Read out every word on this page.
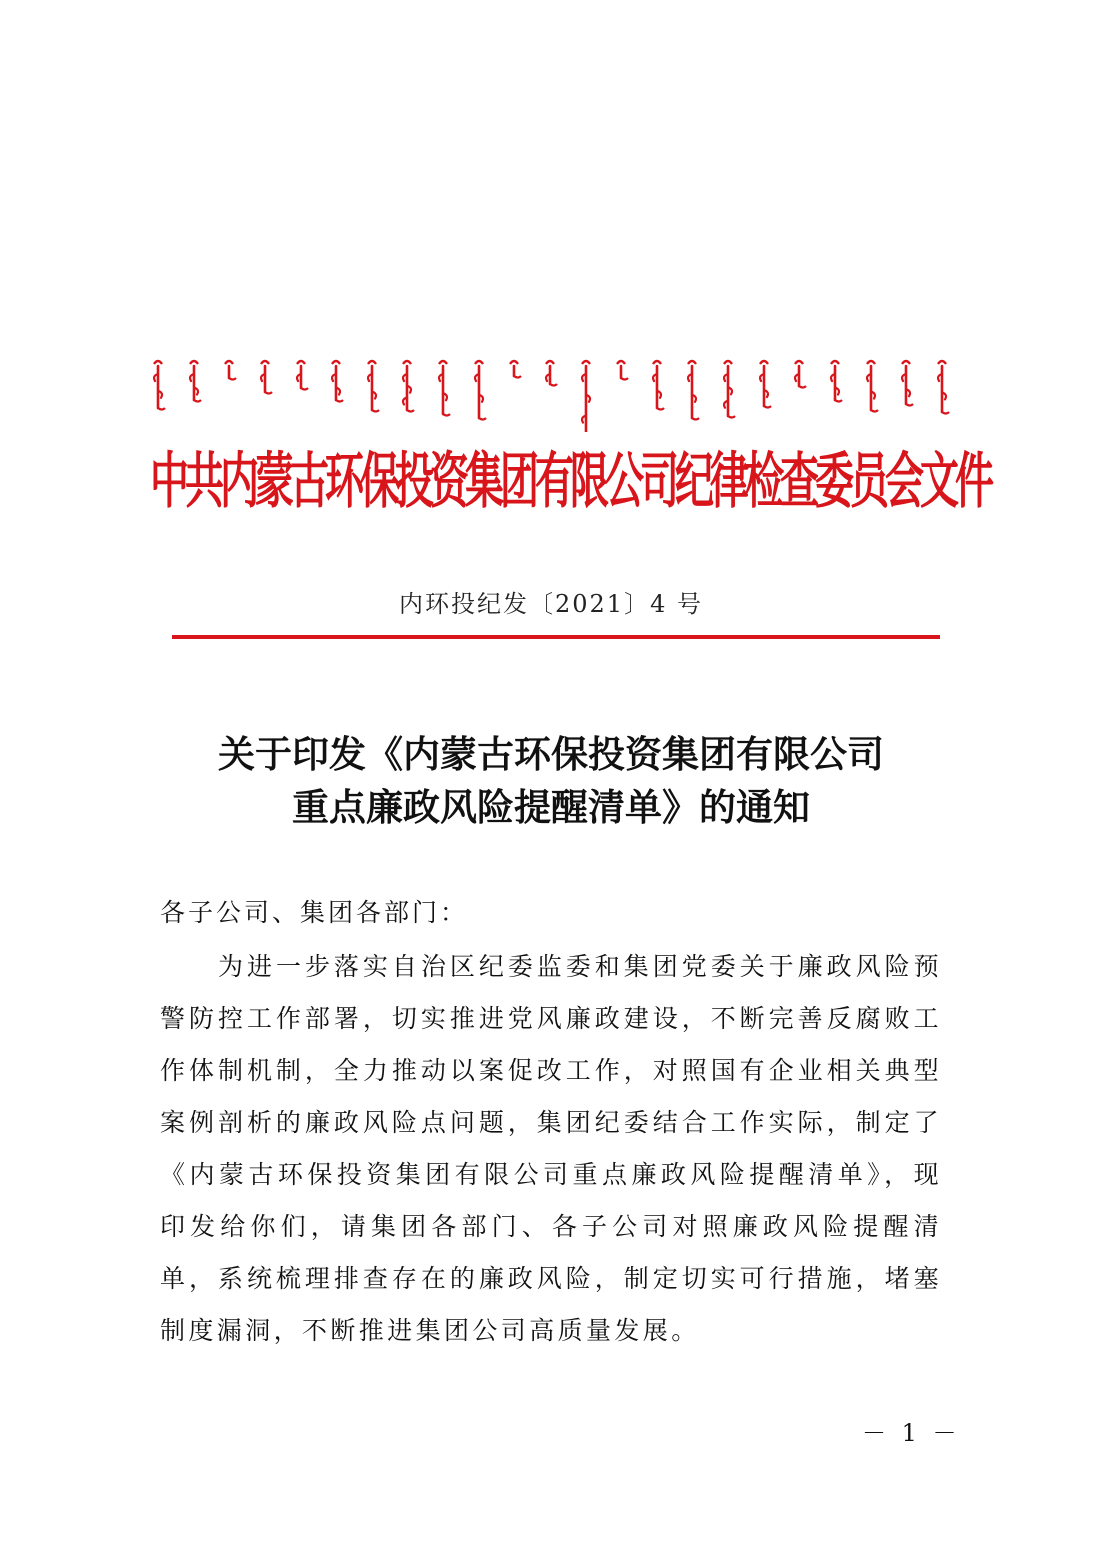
中共内蒙古环保投资集团有限公司纪律检查委员会文件
内环投纪发〔2021〕4 号
关于印发《内蒙古环保投资集团有限公司
重点廉政风险提醒清单》的通知
各子公司、集团各部门：

为进一步落实自治区纪委监委和集团党委关于廉政风险预警防控工作部署，切实推进党风廉政建设，不断完善反腐败工作体制机制，全力推动以案促改工作，对照国有企业相关典型案例剖析的廉政风险点问题，集团纪委结合工作实际，制定了《内蒙古环保投资集团有限公司重点廉政风险提醒清单》，现印发给你们，请集团各部门、各子公司对照廉政风险提醒清单，系统梳理排查存在的廉政风险，制定切实可行措施，堵塞制度漏洞，不断推进集团公司高质量发展。

－ 1 －
